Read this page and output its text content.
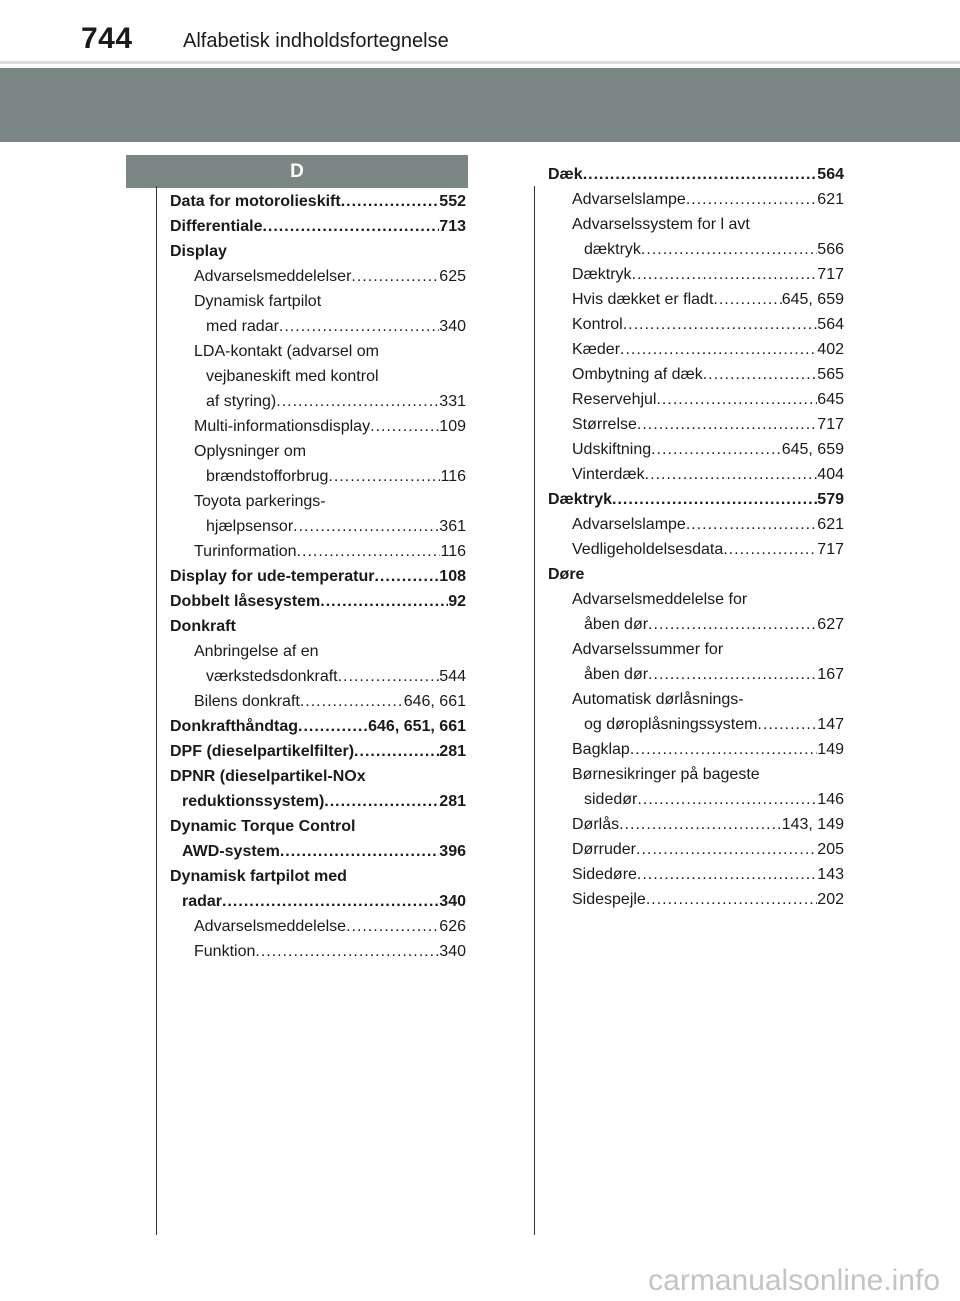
744	Alfabetisk indholdsfortegnelse
D
Data for motorolieskift .....	552
Differentiale .....	713
Display
Advarselsmeddelelser .....	625
Dynamisk fartpilot
med radar .....	340
LDA-kontakt (advarsel om
vejbaneskift med kontrol
af styring) .....	331
Multi-informationsdisplay .....	109
Oplysninger om
brændstofforbrug .....	116
Toyota parkerings-
hjælpsensor .....	361
Turinformation .....	116
Display for ude-temperatur .....	108
Dobbelt låsesystem .....	92
Donkraft
Anbringelse af en
værkstedsdonkraft .....	544
Bilens donkraft .....	646, 661
Donkrafthåndtag .....	646, 651, 661
DPF (dieselpartikelfilter) .....	281
DPNR (dieselpartikel-NOx
reduktionssystem) .....	281
Dynamic Torque Control
AWD-system .....	396
Dynamisk fartpilot med
radar .....	340
Advarselsmeddelelse .....	626
Funktion .....	340
Dæk .....	564
Advarselslampe .....	621
Advarselssystem for l avt
dæktryk .....	566
Dæktryk .....	717
Hvis dækket er fladt .....	645, 659
Kontrol .....	564
Kæder .....	402
Ombytning af dæk .....	565
Reservehjul .....	645
Størrelse .....	717
Udskiftning .....	645, 659
Vinterdæk .....	404
Dæktryk .....	579
Advarselslampe .....	621
Vedligeholdelsesdata .....	717
Døre
Advarselsmeddelelse for
åben dør .....	627
Advarselssummer for
åben dør .....	167
Automatisk dørlåsnings-
og døroplåsningssystem .....	147
Bagklap .....	149
Børnesikringer på bageste
sidedør .....	146
Dørlås .....	143, 149
Dørruder .....	205
Sidedøre .....	143
Sidespejle .....	202
carmanualsonline.info
